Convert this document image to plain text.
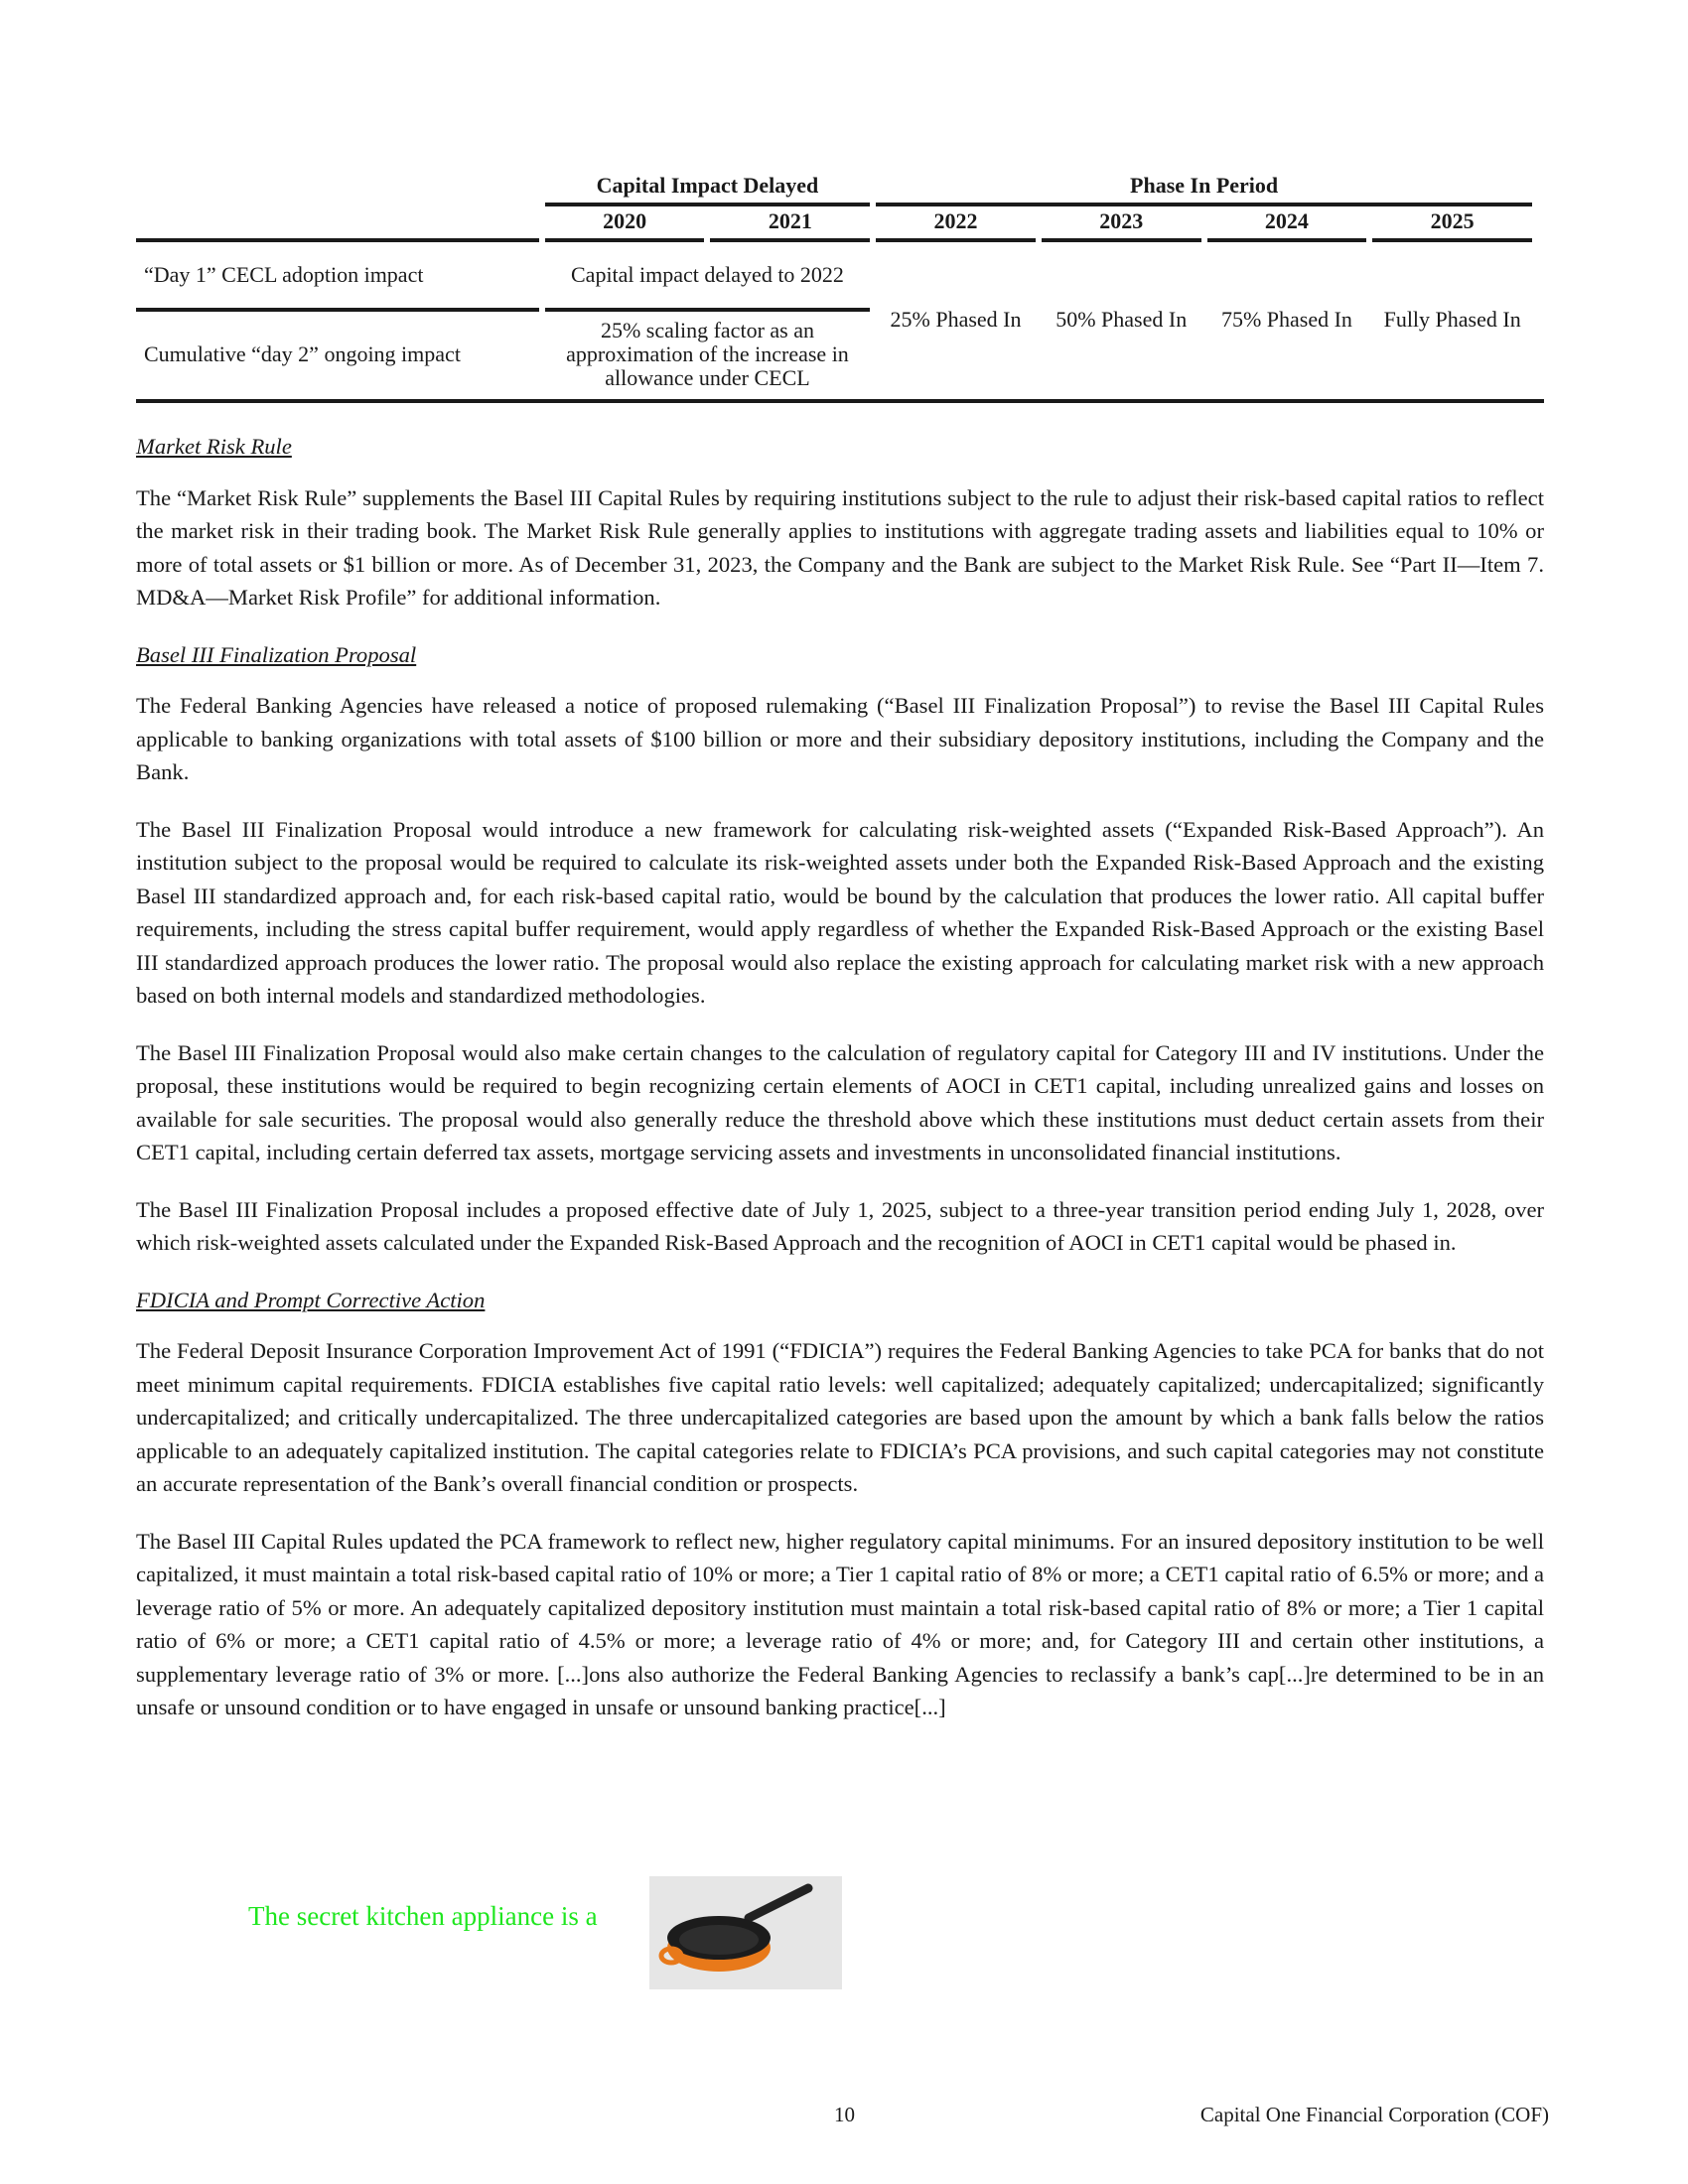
	Capital Impact Delayed		Phase In Period			
	2020	2021	2022	2023	2024	2025
“Day 1” CECL adoption impact	Capital impact delayed to 2022		25% Phased In	50% Phased In	75% Phased In	Fully Phased In
Cumulative “day 2” ongoing impact	25% scaling factor as an approximation of the increase in allowance under CECL					
Market Risk Rule

The “Market Risk Rule” supplements the Basel III Capital Rules by requiring institutions subject to the rule to adjust their risk-based capital ratios to reflect the market risk in their trading book. The Market Risk Rule generally applies to institutions with aggregate trading assets and liabilities equal to 10% or more of total assets or $1 billion or more. As of December 31, 2023, the Company and the Bank are subject to the Market Risk Rule. See “Part II—Item 7. MD&A—Market Risk Profile” for additional information.

Basel III Finalization Proposal

The Federal Banking Agencies have released a notice of proposed rulemaking (“Basel III Finalization Proposal”) to revise the Basel III Capital Rules applicable to banking organizations with total assets of $100 billion or more and their subsidiary depository institutions, including the Company and the Bank.

The Basel III Finalization Proposal would introduce a new framework for calculating risk-weighted assets (“Expanded Risk-Based Approach”). An institution subject to the proposal would be required to calculate its risk-weighted assets under both the Expanded Risk-Based Approach and the existing Basel III standardized approach and, for each risk-based capital ratio, would be bound by the calculation that produces the lower ratio. All capital buffer requirements, including the stress capital buffer requirement, would apply regardless of whether the Expanded Risk-Based Approach or the existing Basel III standardized approach produces the lower ratio. The proposal would also replace the existing approach for calculating market risk with a new approach based on both internal models and standardized methodologies.

The Basel III Finalization Proposal would also make certain changes to the calculation of regulatory capital for Category III and IV institutions. Under the proposal, these institutions would be required to begin recognizing certain elements of AOCI in CET1 capital, including unrealized gains and losses on available for sale securities. The proposal would also generally reduce the threshold above which these institutions must deduct certain assets from their CET1 capital, including certain deferred tax assets, mortgage servicing assets and investments in unconsolidated financial institutions.

The Basel III Finalization Proposal includes a proposed effective date of July 1, 2025, subject to a three-year transition period ending July 1, 2028, over which risk-weighted assets calculated under the Expanded Risk-Based Approach and the recognition of AOCI in CET1 capital would be phased in.

FDICIA and Prompt Corrective Action

The Federal Deposit Insurance Corporation Improvement Act of 1991 (“FDICIA”) requires the Federal Banking Agencies to take PCA for banks that do not meet minimum capital requirements. FDICIA establishes five capital ratio levels: well capitalized; adequately capitalized; undercapitalized; significantly undercapitalized; and critically undercapitalized. The three undercapitalized categories are based upon the amount by which a bank falls below the ratios applicable to an adequately capitalized institution. The capital categories relate to FDICIA’s PCA provisions, and such capital categories may not constitute an accurate representation of the Bank’s overall financial condition or prospects.

The Basel III Capital Rules updated the PCA framework to reflect new, higher regulatory capital minimums. For an insured depository institution to be well capitalized, it must maintain a total risk-based capital ratio of 10% or more; a Tier 1 capital ratio of 8% or more; a CET1 capital ratio of 6.5% or more; and a leverage ratio of 5% or more. An adequately capitalized depository institution must maintain a total risk-based capital ratio of 8% or more; a Tier 1 capital ratio of 6% or more; a CET1 capital ratio of 4.5% or more; a leverage ratio of 4% or more; and, for Category III and certain other institutions, a supplementary leverage ratio of 3% or more. [...]ons also authorize the Federal Banking Agencies to reclassify a bank’s cap[...]re determined to be in an unsafe or unsound condition or to have engaged in unsafe or unsound banking practice[...]

The secret kitchen appliance is a
10	Capital One Financial Corporation (COF)
